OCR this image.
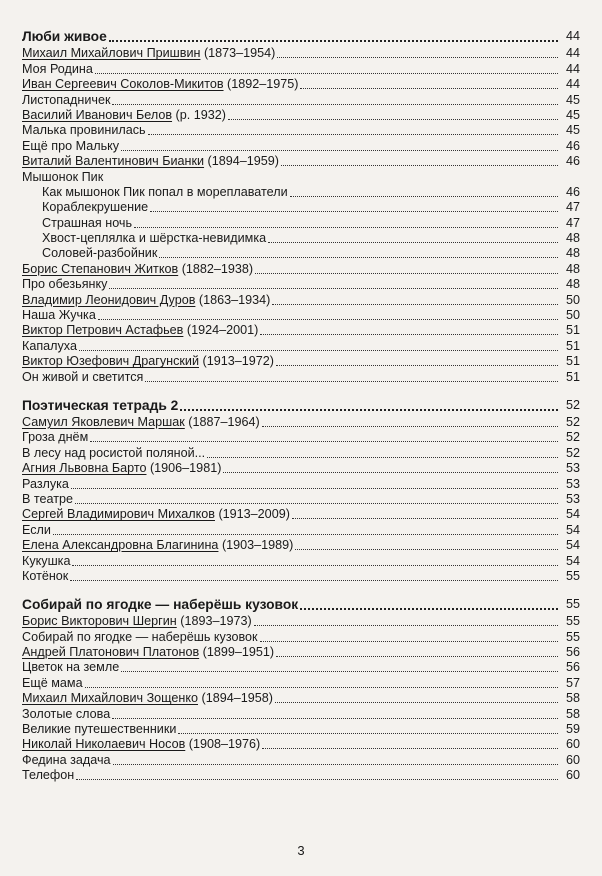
Люби живое	44
Михаил Михайлович Пришвин (1873–1954)	44
Моя Родина	44
Иван Сергеевич Соколов-Микитов (1892–1975)	44
Листопадничек	45
Василий Иванович Белов (р. 1932)	45
Малька провинилась	45
Ещё про Мальку	46
Виталий Валентинович Бианки (1894–1959)	46
Мышонок Пик
Как мышонок Пик попал в мореплаватели	46
Кораблекрушение	47
Страшная ночь	47
Хвост-цеплялка и шёрстка-невидимка	48
Соловей-разбойник	48
Борис Степанович Житков (1882–1938)	48
Про обезьянку	48
Владимир Леонидович Дуров (1863–1934)	50
Наша Жучка	50
Виктор Петрович Астафьев (1924–2001)	51
Капалуха	51
Виктор Юзефович Драгунский (1913–1972)	51
Он живой и светится	51
Поэтическая тетрадь 2	52
Самуил Яковлевич Маршак (1887–1964)	52
Гроза днём	52
В лесу над росистой поляной...	52
Агния Львовна Барто (1906–1981)	53
Разлука	53
В театре	53
Сергей Владимирович Михалков (1913–2009)	54
Если	54
Елена Александровна Благинина (1903–1989)	54
Кукушка	54
Котёнок	55
Собирай по ягодке — наберёшь кузовок	55
Борис Викторович Шергин (1893–1973)	55
Собирай по ягодке — наберёшь кузовок	55
Андрей Платонович Платонов (1899–1951)	56
Цветок на земле	56
Ещё мама	57
Михаил Михайлович Зощенко (1894–1958)	58
Золотые слова	58
Великие путешественники	59
Николай Николаевич Носов (1908–1976)	60
Федина задача	60
Телефон	60
3
